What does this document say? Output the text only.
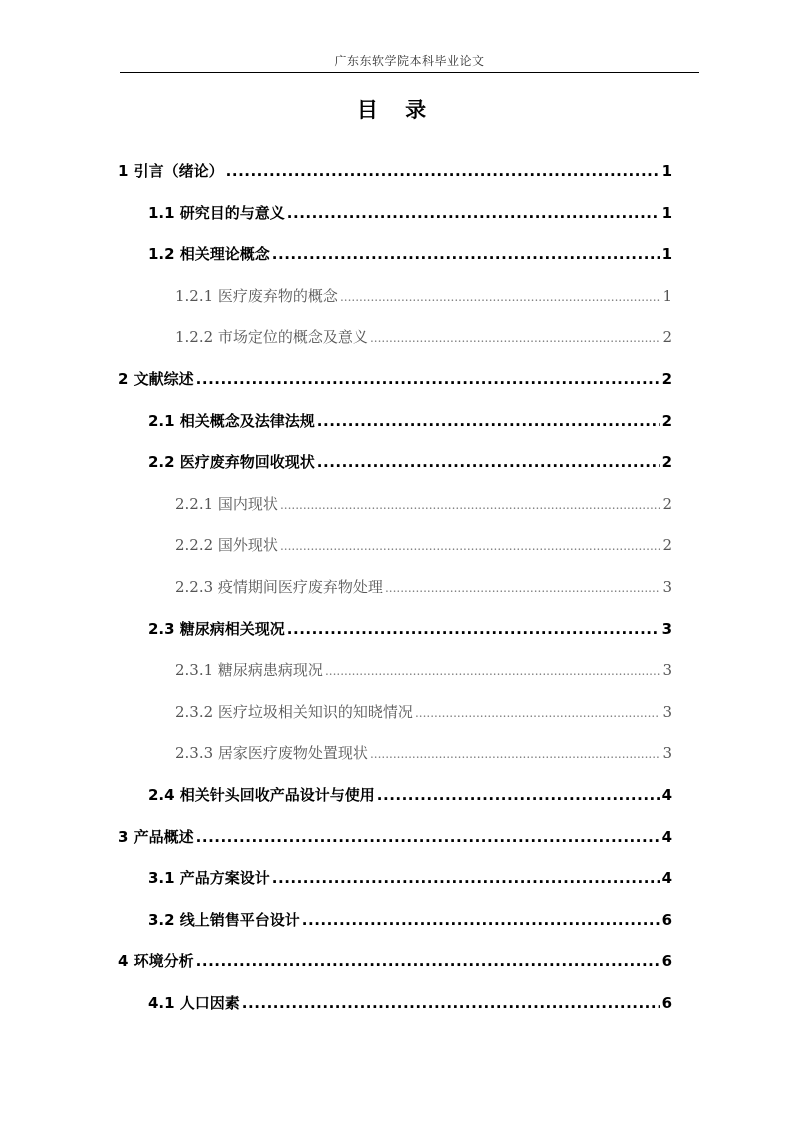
广东东软学院本科毕业论文
目 录
1 引言（绪论） .....	1
1.1 研究目的与意义 .....	1
1.2 相关理论概念 .....	1
1.2.1 医疗废弃物的概念 .....	1
1.2.2 市场定位的概念及意义 .....	2
2 文献综述 .....	2
2.1 相关概念及法律法规 .....	2
2.2 医疗废弃物回收现状 .....	2
2.2.1 国内现状 .....	2
2.2.2 国外现状 .....	2
2.2.3 疫情期间医疗废弃物处理 .....	3
2.3 糖尿病相关现况 .....	3
2.3.1 糖尿病患病现况 .....	3
2.3.2 医疗垃圾相关知识的知晓情况 .....	3
2.3.3 居家医疗废物处置现状 .....	3
2.4 相关针头回收产品设计与使用 .....	4
3 产品概述 .....	4
3.1 产品方案设计 .....	4
3.2 线上销售平台设计 .....	6
4 环境分析 .....	6
4.1 人口因素 .....	6
